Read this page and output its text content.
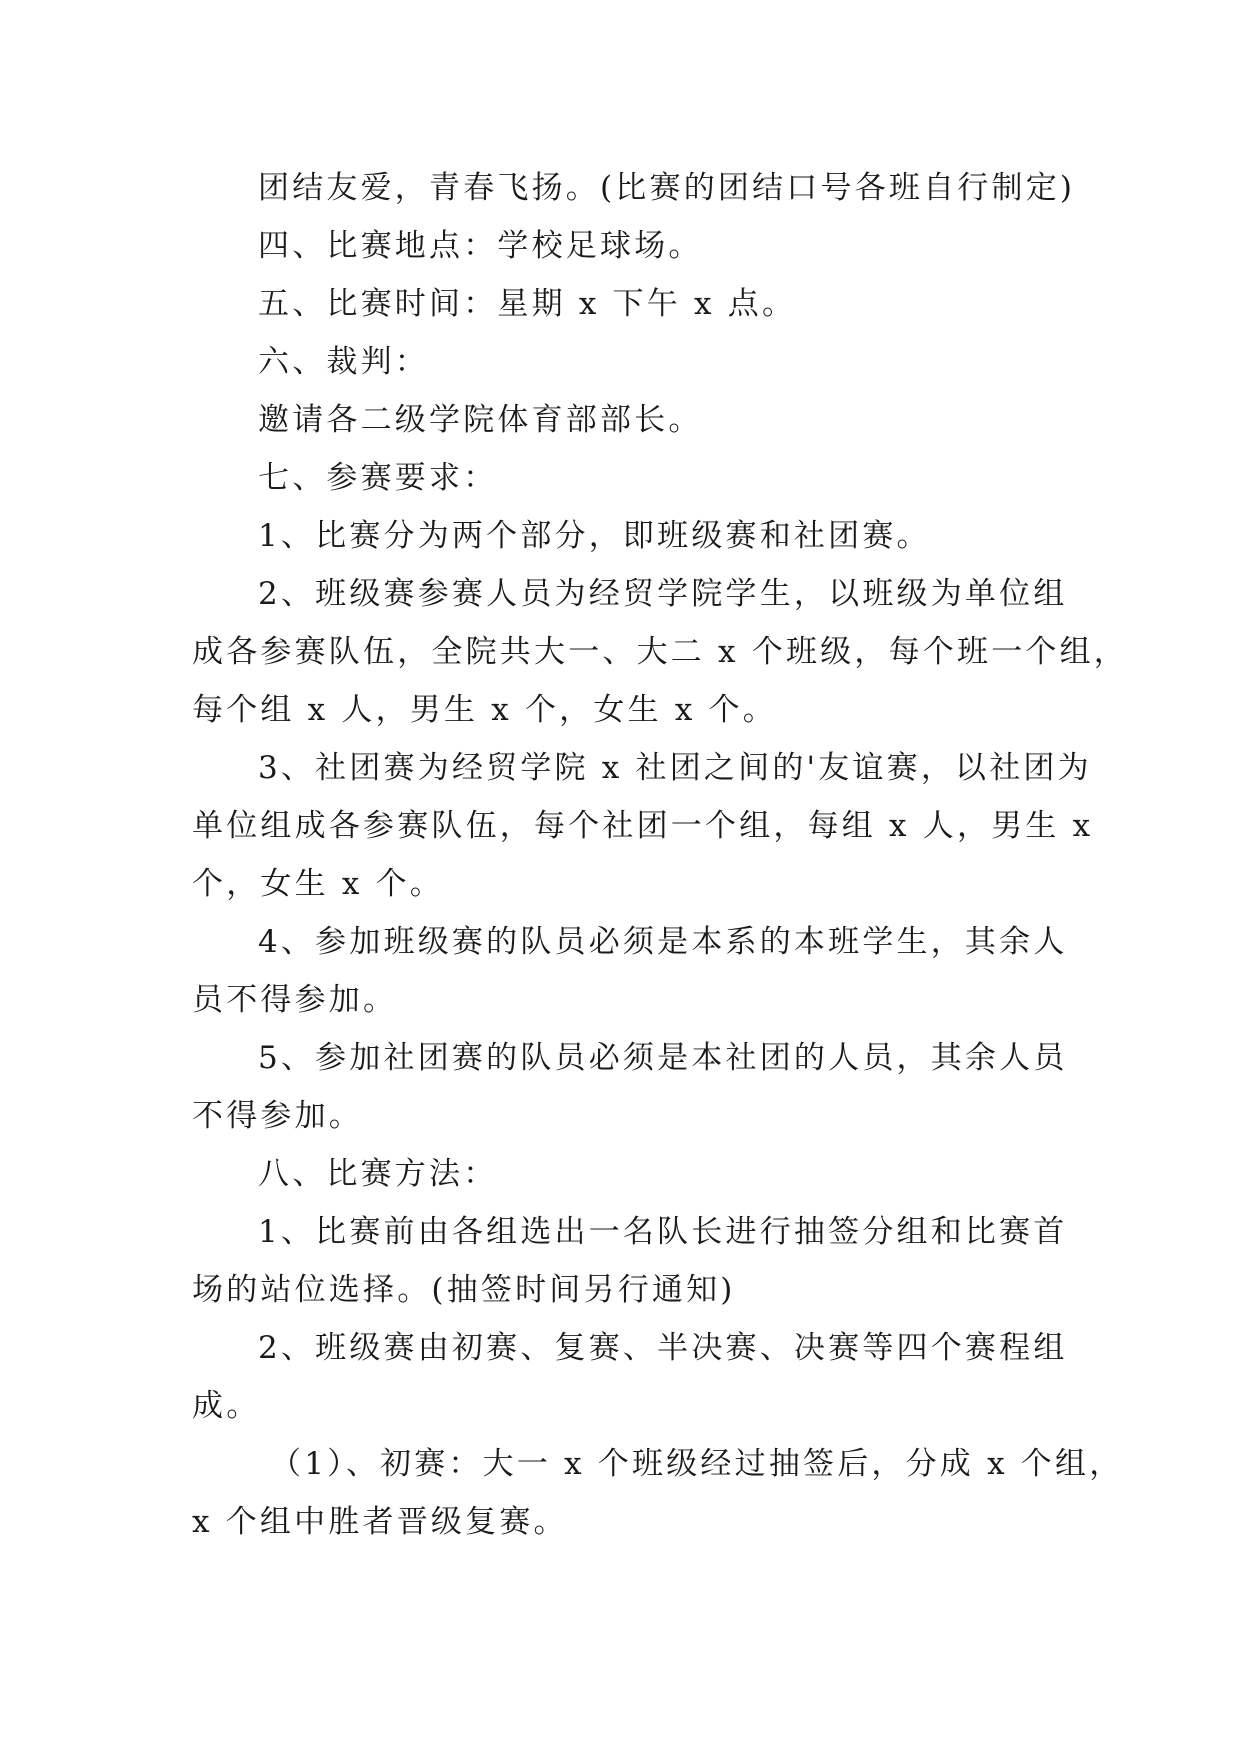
团结友爱，青春飞扬。(比赛的团结口号各班自行制定)
四、比赛地点：学校足球场。
五、比赛时间：星期 x 下午 x 点。
六、裁判：
邀请各二级学院体育部部长。
七、参赛要求：
1、比赛分为两个部分，即班级赛和社团赛。
2、班级赛参赛人员为经贸学院学生，以班级为单位组
成各参赛队伍，全院共大一、大二 x 个班级，每个班一个组，
每个组 x 人，男生 x 个，女生 x 个。
3、社团赛为经贸学院 x 社团之间的'友谊赛，以社团为
单位组成各参赛队伍，每个社团一个组，每组 x 人，男生 x
个，女生 x 个。
4、参加班级赛的队员必须是本系的本班学生，其余人
员不得参加。
5、参加社团赛的队员必须是本社团的人员，其余人员
不得参加。
八、比赛方法：
1、比赛前由各组选出一名队长进行抽签分组和比赛首
场的站位选择。(抽签时间另行通知)
2、班级赛由初赛、复赛、半决赛、决赛等四个赛程组
成。
（1）、初赛：大一 x 个班级经过抽签后，分成 x 个组，
x 个组中胜者晋级复赛。
